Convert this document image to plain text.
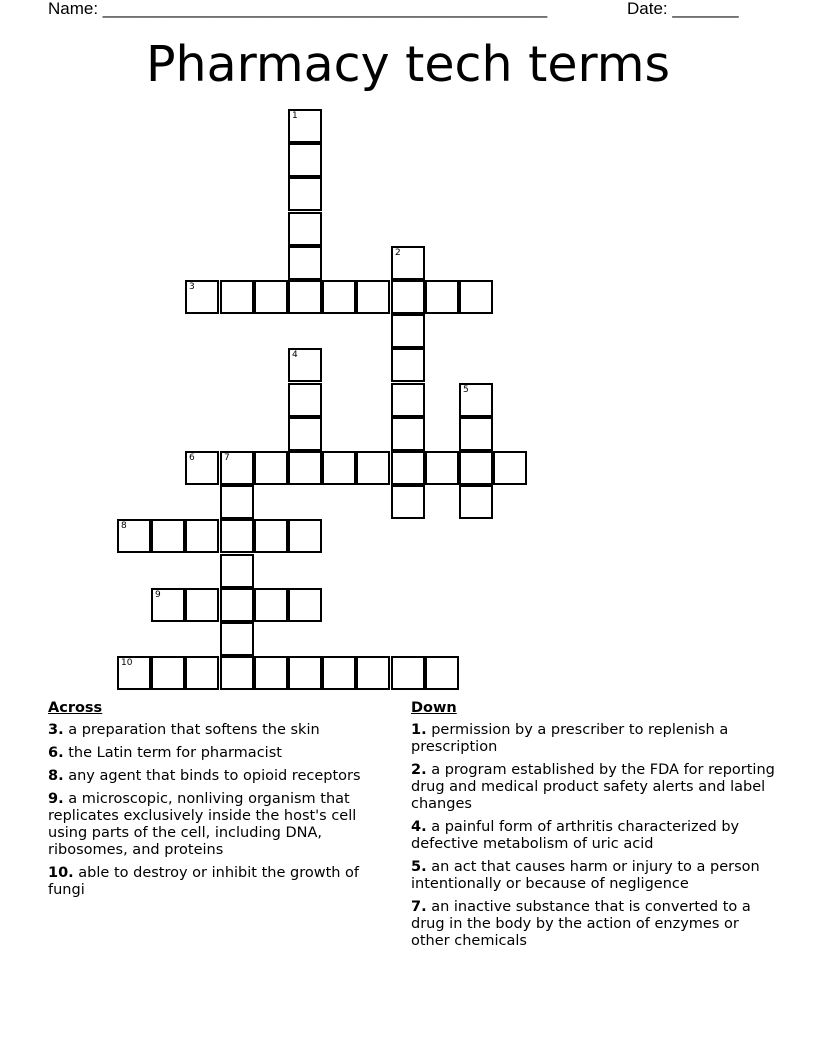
Name: _______________________________________________	Date: _______
Pharmacy tech terms
1
2
3
4
5
6	7
8
9
10
Across
3. a preparation that softens the skin
6. the Latin term for pharmacist
8. any agent that binds to opioid receptors
9. a microscopic, nonliving organism that replicates exclusively inside the host's cell using parts of the cell, including DNA, ribosomes, and proteins
10. able to destroy or inhibit the growth of fungi
Down
1. permission by a prescriber to replenish a prescription
2. a program established by the FDA for reporting drug and medical product safety alerts and label changes
4. a painful form of arthritis characterized by defective metabolism of uric acid
5. an act that causes harm or injury to a person intentionally or because of negligence
7. an inactive substance that is converted to a drug in the body by the action of enzymes or other chemicals
